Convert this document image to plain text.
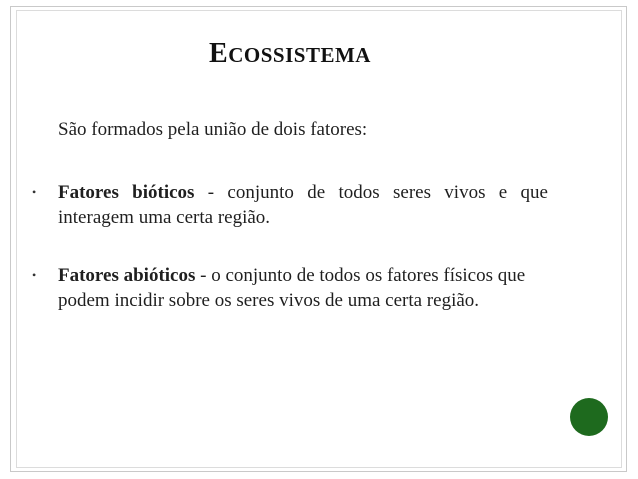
ECOSSISTEMA
São formados pela união de dois fatores:
• Fatores bióticos - conjunto de todos seres vivos e que interagem uma certa região.
• Fatores abióticos - o conjunto de todos os fatores físicos que podem incidir sobre os seres vivos de uma certa região.
